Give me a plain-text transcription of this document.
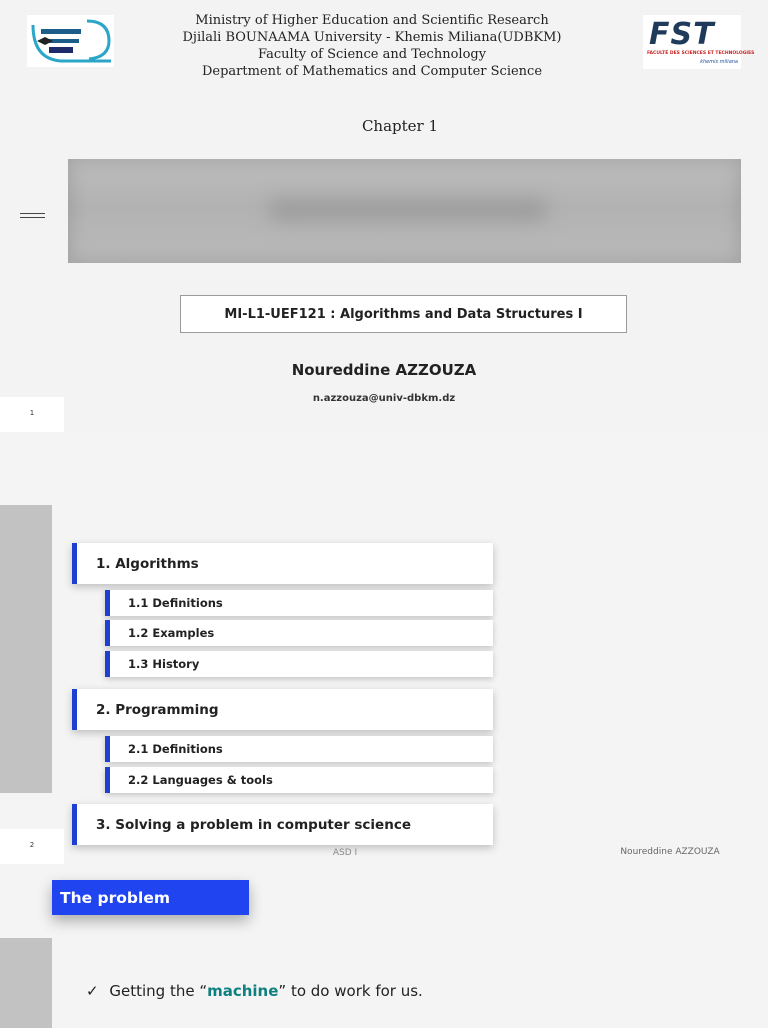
FST
FACULTÉ DES SCIENCES ET TECHNOLOGIES
khemis miliana
Ministry of Higher Education and Scientific Research
Djilali BOUNAAMA University - Khemis Miliana(UDBKM)
Faculty of Science and Technology
Department of Mathematics and Computer Science
Chapter 1
MI-L1-UEF121 : Algorithms and Data Structures I
Noureddine AZZOUZA
n.azzouza@univ-dbkm.dz
1
1. Algorithms
1.1 Definitions
1.2 Examples
1.3 History
2. Programming
2.1 Definitions
2.2 Languages & tools
3. Solving a problem in computer science
2
ASD I	Noureddine AZZOUZA
The problem
✓ Getting the “machine” to do work for us.
